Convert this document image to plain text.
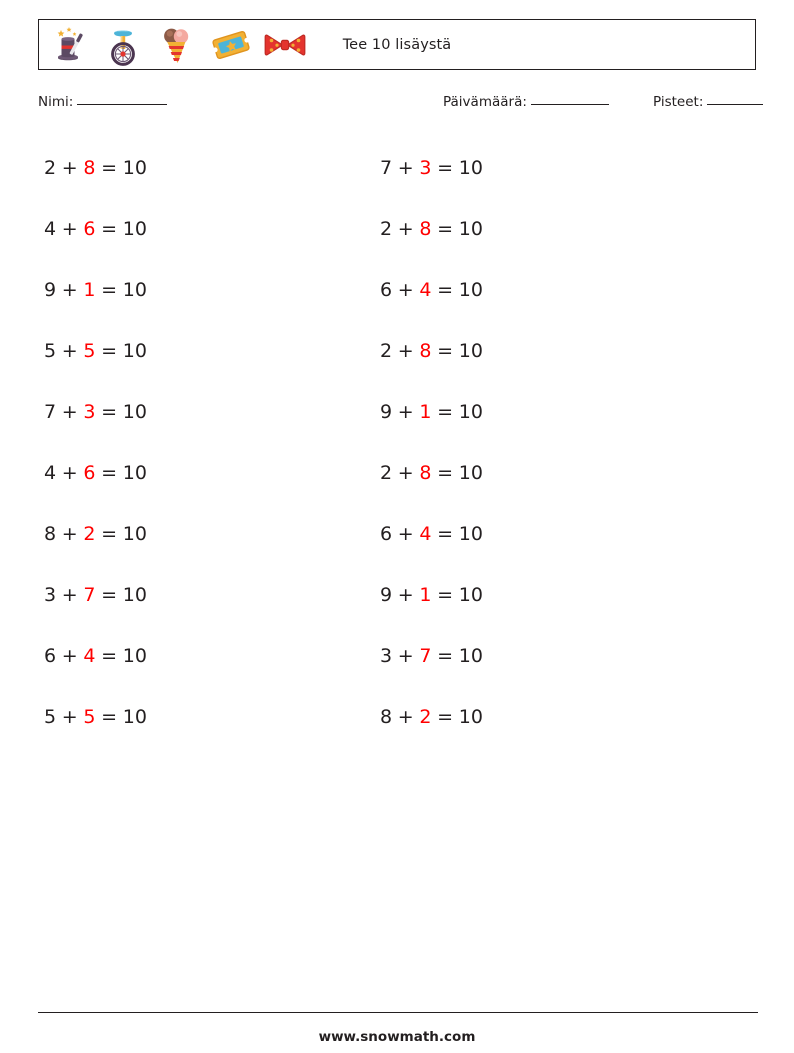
Tee 10 lisäystä
Nimi:	Päivämäärä:	Pisteet:
2 + 8 = 10
4 + 6 = 10
9 + 1 = 10
5 + 5 = 10
7 + 3 = 10
4 + 6 = 10
8 + 2 = 10
3 + 7 = 10
6 + 4 = 10
5 + 5 = 10
7 + 3 = 10
2 + 8 = 10
6 + 4 = 10
2 + 8 = 10
9 + 1 = 10
2 + 8 = 10
6 + 4 = 10
9 + 1 = 10
3 + 7 = 10
8 + 2 = 10
www.snowmath.com
